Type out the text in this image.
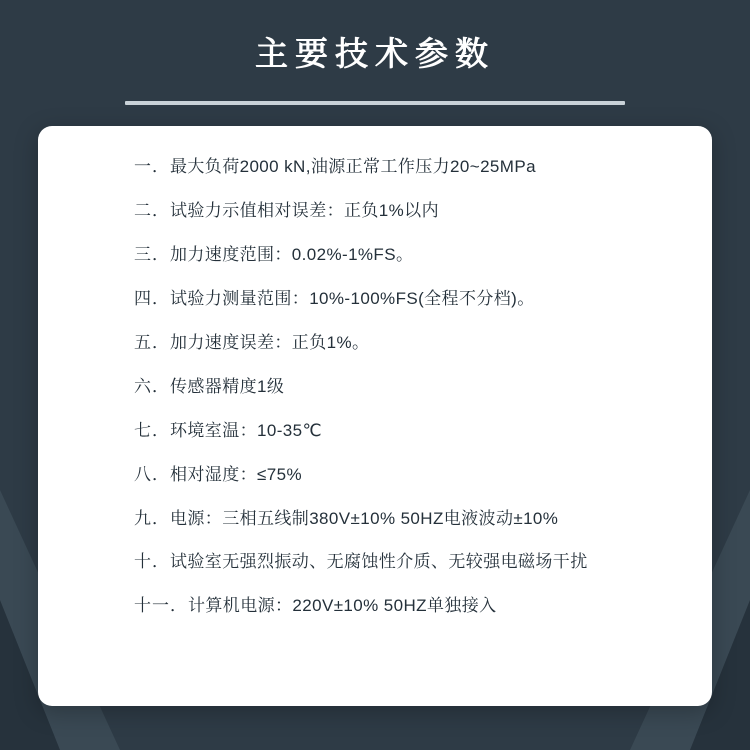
主要技术参数
一． 最大负荷2000 kN,油源正常工作压力20~25MPa
二． 试验力示值相对误差：正负1%以内
三． 加力速度范围：0.02%-1%FS。
四． 试验力测量范围：10%-100%FS(全程不分档)。
五． 加力速度误差：正负1%。
六． 传感器精度1级
七． 环境室温：10-35℃
八． 相对湿度：≤75%
九． 电源：三相五线制380V±10% 50HZ电液波动±10%
十． 试验室无强烈振动、无腐蚀性介质、无较强电磁场干扰
十一． 计算机电源：220V±10% 50HZ单独接入
